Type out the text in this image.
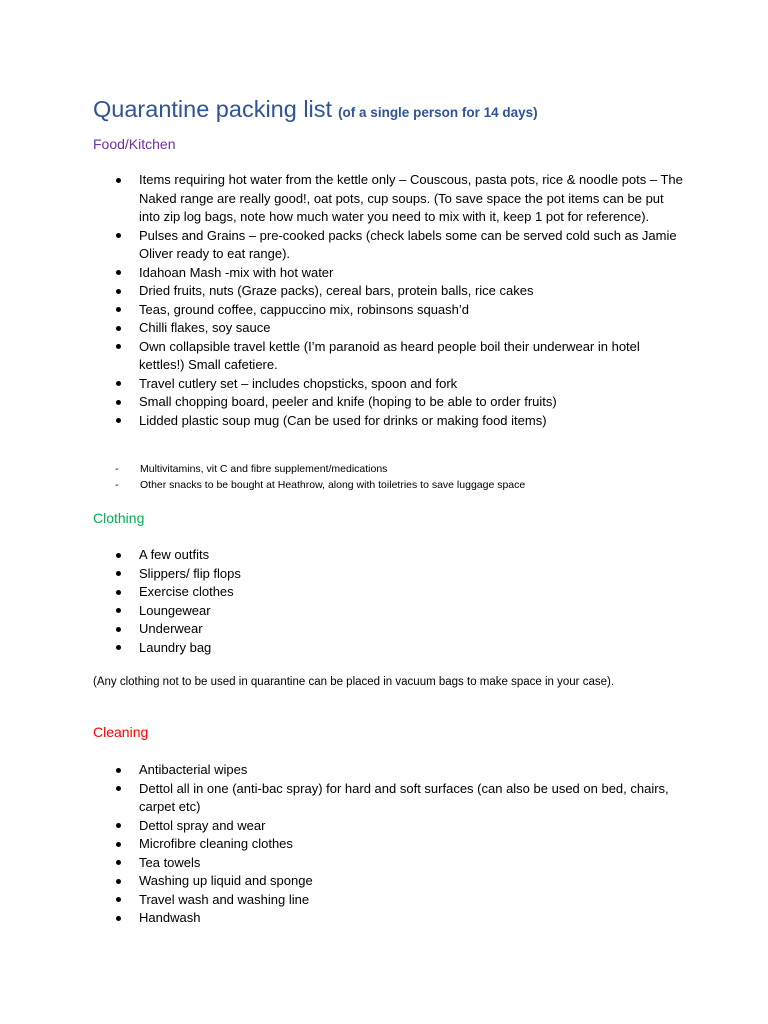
Quarantine packing list (of a single person for 14 days)
Food/Kitchen
Items requiring hot water from the kettle only – Couscous, pasta pots, rice & noodle pots – The Naked range are really good!, oat pots, cup soups. (To save space the pot items can be put into zip log bags, note how much water you need to mix with it, keep 1 pot for reference).
Pulses and Grains – pre-cooked packs (check labels some can be served cold such as Jamie Oliver ready to eat range).
Idahoan Mash -mix with hot water
Dried fruits, nuts (Graze packs), cereal bars, protein balls, rice cakes
Teas, ground coffee, cappuccino mix, robinsons squash’d
Chilli flakes, soy sauce
Own collapsible travel kettle (I’m paranoid as heard people boil their underwear in hotel kettles!) Small cafetiere.
Travel cutlery set – includes chopsticks, spoon and fork
Small chopping board, peeler and knife (hoping to be able to order fruits)
Lidded plastic soup mug (Can be used for drinks or making food items)
- Multivitamins, vit C and fibre supplement/medications
- Other snacks to be bought at Heathrow, along with toiletries to save luggage space
Clothing
A few outfits
Slippers/ flip flops
Exercise clothes
Loungewear
Underwear
Laundry bag

(Any clothing not to be used in quarantine can be placed in vacuum bags to make space in your case).

Cleaning
Antibacterial wipes
Dettol all in one (anti-bac spray) for hard and soft surfaces (can also be used on bed, chairs, carpet etc)
Dettol spray and wear
Microfibre cleaning clothes
Tea towels
Washing up liquid and sponge
Travel wash and washing line
Handwash
